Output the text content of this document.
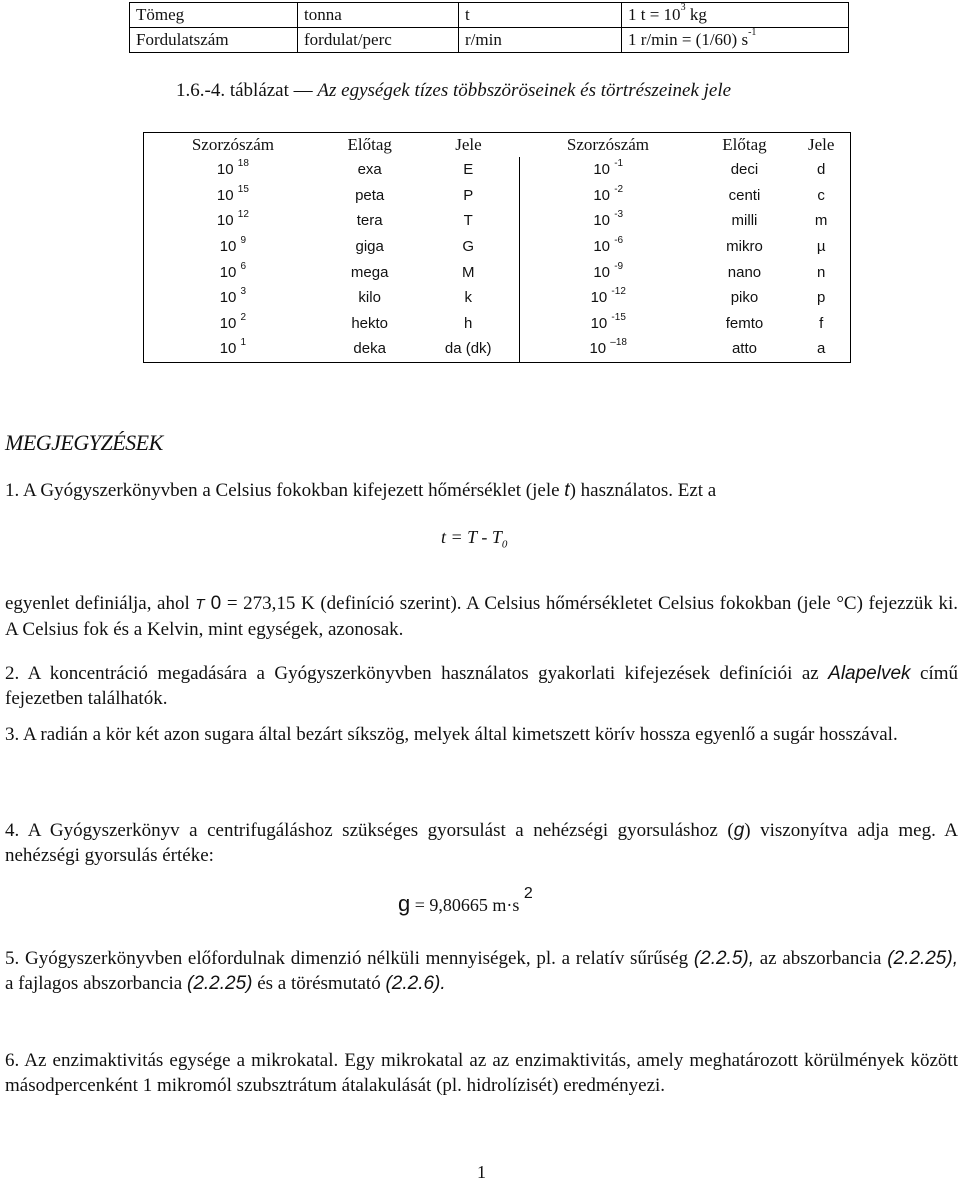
Tömeg	tonna	t	1 $t = 10^3$ kg
Fordulatszám	fordulat/perc	r/min	1 r/min = (1/60) $s^{-1}$
1.6.-4. táblázat — Az egységek tízes többszöröseinek és törtrészeinek jele
Szorzószám	Előtag	Jele	Szorzószám	Előtag	Jele
10 $^{18}$	exa	E	10 $^{-1}$	deci	d
10 $^{15}$	peta	P	10 $^{-2}$	centi	c
10 $^{12}$	tera	T	10 $^{-3}$	milli	m
10 $^9$	giga	G	10 $^{-6}$	mikro	µ
10 $^6$	mega	M	10 $^{-9}$	nano	n
10 $^3$	kilo	k	10 $^{-12}$	piko	p
10 $^2$	hekto	h	10 $^{-15}$	femto	f
10 $^1$	deka	da (dk)	10 $^{-18}$	atto	a
MEGJEGYZÉSEK
1. A Gyógyszerkönyvben a Celsius fokokban kifejezett hőmérséklet (jele t) használatos. Ezt a
$t = T - T_0$
egyenlet definiálja, ahol T 0 = 273,15 K (definíció szerint). A Celsius hőmérsékletet Celsius fokokban (jele °C) fejezzük ki. A Celsius fok és a Kelvin, mint egységek, azonosak.
2. A koncentráció megadására a Gyógyszerkönyvben használatos gyakorlati kifejezések definíciói az Alapelvek című fejezetben találhatók.
3. A radián a kör két azon sugara által bezárt síkszög, melyek által kimetszett körív hossza egyenlő a sugár hosszával.
4. A Gyógyszerkönyv a centrifugáláshoz szükséges gyorsulást a nehézségi gyorsuláshoz (g) viszonyítva adja meg. A nehézségi gyorsulás értéke:
g = 9,80665 m·s $^2$
5. Gyógyszerkönyvben előfordulnak dimenzió nélküli mennyiségek, pl. a relatív sűrűség (2.2.5), az abszorbancia (2.2.25), a fajlagos abszorbancia (2.2.25) és a törésmutató (2.2.6).
6. Az enzimaktivitás egysége a mikrokatal. Egy mikrokatal az az enzimaktivitás, amely meghatározott körülmények között másodpercenként 1 mikromól szubsztrátum átalakulását (pl. hidrolízisét) eredményezi.
1
